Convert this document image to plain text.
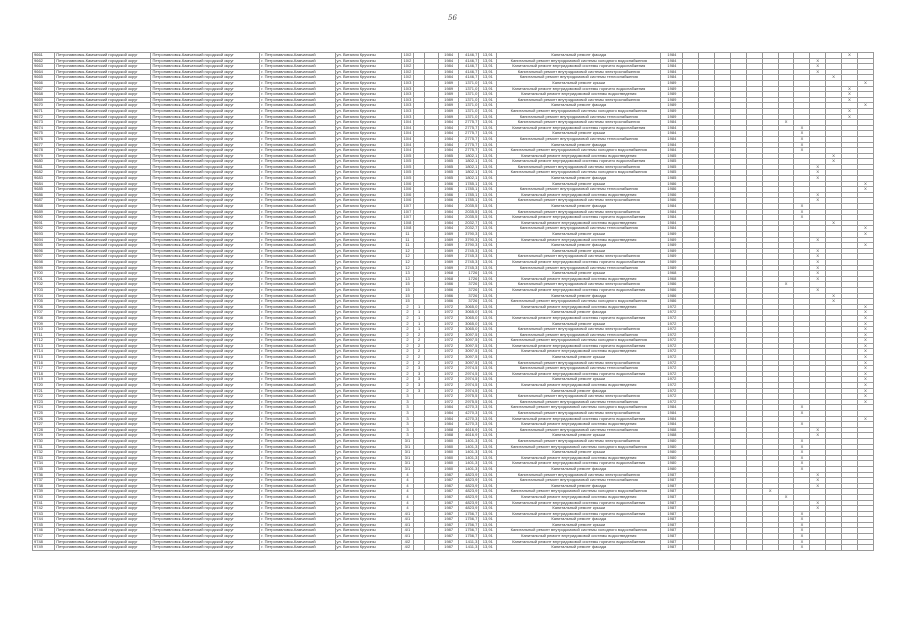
56
9661	Петропавловск-Камчатский городской округ	Петропавловск-Камчатский городской округ	г. Петропавловск-Камчатский	ул. Виталия Кручины	10/2			1984	4146,7	13,91	Капитальный ремонт фасада	1984											X	
9662	Петропавловск-Камчатский городской округ	Петропавловск-Камчатский городской округ	г. Петропавловск-Камчатский	ул. Виталия Кручины	10/2			1984	4146,7	13,91	Капитальный ремонт внутридомовой системы холодного водоснабжения	1984									X			
9663	Петропавловск-Камчатский городской округ	Петропавловск-Камчатский городской округ	г. Петропавловск-Камчатский	ул. Виталия Кручины	10/2			1984	4146,7	13,91	Капитальный ремонт внутридомовой системы горячего водоснабжения	1984									X			
9664	Петропавловск-Камчатский городской округ	Петропавловск-Камчатский городской округ	г. Петропавловск-Камчатский	ул. Виталия Кручины	10/2			1984	4146,7	13,91	Капитальный ремонт внутридомовой системы электроснабжения	1984									X			
9665	Петропавловск-Камчатский городской округ	Петропавловск-Камчатский городской округ	г. Петропавловск-Камчатский	ул. Виталия Кручины	10/2			1984	4146,7	13,91	Капитальный ремонт внутридомовой системы теплоснабжения	1984										X		
9666	Петропавловск-Камчатский городской округ	Петропавловск-Камчатский городской округ	г. Петропавловск-Камчатский	ул. Виталия Кручины	10/3			1989	1371,0	13,91	Капитальный ремонт крыши	1989												X
9667	Петропавловск-Камчатский городской округ	Петропавловск-Камчатский городской округ	г. Петропавловск-Камчатский	ул. Виталия Кручины	10/3			1989	1371,0	13,91	Капитальный ремонт внутридомовой системы горячего водоснабжения	1989											X	
9668	Петропавловск-Камчатский городской округ	Петропавловск-Камчатский городской округ	г. Петропавловск-Камчатский	ул. Виталия Кручины	10/3			1989	1371,0	13,91	Капитальный ремонт внутридомовой системы водоотведения	1989											X	
9669	Петропавловск-Камчатский городской округ	Петропавловск-Камчатский городской округ	г. Петропавловск-Камчатский	ул. Виталия Кручины	10/3			1989	1371,0	13,91	Капитальный ремонт внутридомовой системы электроснабжения	1989											X	
9670	Петропавловск-Камчатский городской округ	Петропавловск-Камчатский городской округ	г. Петропавловск-Камчатский	ул. Виталия Кручины	10/3			1989	1371,0	13,91	Капитальный ремонт фасада	1989												X
9671	Петропавловск-Камчатский городской округ	Петропавловск-Камчатский городской округ	г. Петропавловск-Камчатский	ул. Виталия Кручины	10/3			1989	1371,0	13,91	Капитальный ремонт внутридомовой системы холодного водоснабжения	1989											X	
9672	Петропавловск-Камчатский городской округ	Петропавловск-Камчатский городской округ	г. Петропавловск-Камчатский	ул. Виталия Кручины	10/3			1989	1371,0	13,91	Капитальный ремонт внутридомовой системы теплоснабжения	1989											X	
9673	Петропавловск-Камчатский городской округ	Петропавловск-Камчатский городской округ	г. Петропавловск-Камчатский	ул. Виталия Кручины	10/4			1984	2775,7	13,91	Капитальный ремонт внутридомовой системы электроснабжения	1984							X					
9674	Петропавловск-Камчатский городской округ	Петропавловск-Камчатский городской округ	г. Петропавловск-Камчатский	ул. Виталия Кручины	10/4			1984	2775,7	13,91	Капитальный ремонт внутридомовой системы горячего водоснабжения	1984								X				
9675	Петропавловск-Камчатский городской округ	Петропавловск-Камчатский городской округ	г. Петропавловск-Камчатский	ул. Виталия Кручины	10/4			1984	2775,7	13,91	Капитальный ремонт крыши	1984								X				
9676	Петропавловск-Камчатский городской округ	Петропавловск-Камчатский городской округ	г. Петропавловск-Камчатский	ул. Виталия Кручины	10/4			1984	2775,7	13,91	Капитальный ремонт внутридомовой системы теплоснабжения	1984								X				
9677	Петропавловск-Камчатский городской округ	Петропавловск-Камчатский городской округ	г. Петропавловск-Камчатский	ул. Виталия Кручины	10/4			1984	2775,7	13,91	Капитальный ремонт фасада	1984								X				
9678	Петропавловск-Камчатский городской округ	Петропавловск-Камчатский городской округ	г. Петропавловск-Камчатский	ул. Виталия Кручины	10/4			1984	2775,7	13,91	Капитальный ремонт внутридомовой системы холодного водоснабжения	1984								X				
9679	Петропавловск-Камчатский городской округ	Петропавловск-Камчатский городской округ	г. Петропавловск-Камчатский	ул. Виталия Кручины	10/5			1985	1802,1	13,91	Капитальный ремонт внутридомовой системы водоотведения	1985										X		
9680	Петропавловск-Камчатский городской округ	Петропавловск-Камчатский городской округ	г. Петропавловск-Камчатский	ул. Виталия Кручины	10/5			1985	1802,1	13,91	Капитальный ремонт внутридомовой системы горячего водоснабжения	1985										X		
9681	Петропавловск-Камчатский городской округ	Петропавловск-Камчатский городской округ	г. Петропавловск-Камчатский	ул. Виталия Кручины	10/5			1985	1802,1	13,91	Капитальный ремонт внутридомовой системы электроснабжения	1985									X			
9682	Петропавловск-Камчатский городской округ	Петропавловск-Камчатский городской округ	г. Петропавловск-Камчатский	ул. Виталия Кручины	10/5			1985	1802,1	13,91	Капитальный ремонт внутридомовой системы холодного водоснабжения	1985									X			
9683	Петропавловск-Камчатский городской округ	Петропавловск-Камчатский городской округ	г. Петропавловск-Камчатский	ул. Виталия Кручины	10/5			1985	1802,1	13,91	Капитальный ремонт фасада	1985									X			
9684	Петропавловск-Камчатский городской округ	Петропавловск-Камчатский городской округ	г. Петропавловск-Камчатский	ул. Виталия Кручины	10/6			1986	1785,1	13,91	Капитальный ремонт крыши	1986												X
9685	Петропавловск-Камчатский городской округ	Петропавловск-Камчатский городской округ	г. Петропавловск-Камчатский	ул. Виталия Кручины	10/6			1986	1785,1	13,91	Капитальный ремонт внутридомовой системы теплоснабжения	1986												X
9686	Петропавловск-Камчатский городской округ	Петропавловск-Камчатский городской округ	г. Петропавловск-Камчатский	ул. Виталия Кручины	10/6			1986	1785,1	13,91	Капитальный ремонт внутридомовой системы водоотведения	1986									X			
9687	Петропавловск-Камчатский городской округ	Петропавловск-Камчатский городской округ	г. Петропавловск-Камчатский	ул. Виталия Кручины	10/6			1986	1785,1	13,91	Капитальный ремонт внутридомовой системы электроснабжения	1986									X			
9688	Петропавловск-Камчатский городской округ	Петропавловск-Камчатский городской округ	г. Петропавловск-Камчатский	ул. Виталия Кручины	10/7			1984	2035,5	13,91	Капитальный ремонт фасада	1984								X				
9689	Петропавловск-Камчатский городской округ	Петропавловск-Камчатский городской округ	г. Петропавловск-Камчатский	ул. Виталия Кручины	10/7			1984	2035,5	13,91	Капитальный ремонт внутридомовой системы электроснабжения	1984								X				
9690	Петропавловск-Камчатский городской округ	Петропавловск-Камчатский городской округ	г. Петропавловск-Камчатский	ул. Виталия Кручины	10/7			1984	2035,5	13,91	Капитальный ремонт внутридомовой системы горячего водоснабжения	1984								X				
9691	Петропавловск-Камчатский городской округ	Петропавловск-Камчатский городской округ	г. Петропавловск-Камчатский	ул. Виталия Кручины	10/8			1984	2032,7	13,91	Капитальный ремонт внутридомовой системы водоотведения	1984										X		
9692	Петропавловск-Камчатский городской округ	Петропавловск-Камчатский городской округ	г. Петропавловск-Камчатский	ул. Виталия Кручины	10/8			1984	2032,7	13,91	Капитальный ремонт внутридомовой системы теплоснабжения	1984												X
9693	Петропавловск-Камчатский городской округ	Петропавловск-Камчатский городской округ	г. Петропавловск-Камчатский	ул. Виталия Кручины	11			1989	3790,3	13,91	Капитальный ремонт крыши	1989												X
9694	Петропавловск-Камчатский городской округ	Петропавловск-Камчатский городской округ	г. Петропавловск-Камчатский	ул. Виталия Кручины	11			1989	3790,3	13,91	Капитальный ремонт внутридомовой системы водоотведения	1989									X			
9695	Петропавловск-Камчатский городской округ	Петропавловск-Камчатский городской округ	г. Петропавловск-Камчатский	ул. Виталия Кручины	11			1989	3790,3	13,91	Капитальный ремонт фасада	1989												X
9696	Петропавловск-Камчатский городской округ	Петропавловск-Камчатский городской округ	г. Петропавловск-Камчатский	ул. Виталия Кручины	12			1989	2745,3	13,91	Капитальный ремонт крыши	1989									X			
9697	Петропавловск-Камчатский городской округ	Петропавловск-Камчатский городской округ	г. Петропавловск-Камчатский	ул. Виталия Кручины	12			1989	2745,3	13,91	Капитальный ремонт внутридомовой системы электроснабжения	1989									X			
9698	Петропавловск-Камчатский городской округ	Петропавловск-Камчатский городской округ	г. Петропавловск-Камчатский	ул. Виталия Кручины	12			1989	2745,3	13,91	Капитальный ремонт внутридомовой системы горячего водоснабжения	1989									X			
9699	Петропавловск-Камчатский городской округ	Петропавловск-Камчатский городской округ	г. Петропавловск-Камчатский	ул. Виталия Кручины	12			1989	2745,3	13,91	Капитальный ремонт внутридомовой системы теплоснабжения	1989									X			
9700	Петропавловск-Камчатский городской округ	Петропавловск-Камчатский городской округ	г. Петропавловск-Камчатский	ул. Виталия Кручины	13			1968	1726	13,91	Капитальный ремонт крыши	1968									X			
9701	Петропавловск-Камчатский городской округ	Петропавловск-Камчатский городской округ	г. Петропавловск-Камчатский	ул. Виталия Кручины	13			1968	1726	13,91	Капитальный ремонт внутридомовой системы водоотведения	1968									X			
9702	Петропавловск-Камчатский городской округ	Петропавловск-Камчатский городской округ	г. Петропавловск-Камчатский	ул. Виталия Кручины	15			1986	3726	13,91	Капитальный ремонт внутридомовой системы электроснабжения	1986							X					
9703	Петропавловск-Камчатский городской округ	Петропавловск-Камчатский городской округ	г. Петропавловск-Камчатский	ул. Виталия Кручины	15			1986	3726	13,91	Капитальный ремонт внутридомовой системы горячего водоснабжения	1986									X			
9704	Петропавловск-Камчатский городской округ	Петропавловск-Камчатский городской округ	г. Петропавловск-Камчатский	ул. Виталия Кручины	15			1986	3726	13,91	Капитальный ремонт фасада	1986										X		
9705	Петропавловск-Камчатский городской округ	Петропавловск-Камчатский городской округ	г. Петропавловск-Камчатский	ул. Виталия Кручины	15			1986	3726	13,91	Капитальный ремонт внутридомовой системы холодного водоснабжения	1986										X		
9706	Петропавловск-Камчатский городской округ	Петропавловск-Камчатский городской округ	г. Петропавловск-Камчатский	ул. Виталия Кручины	2	1		1972	3065,0	13,91	Капитальный ремонт внутридомовой системы водоотведения	1972												X
9707	Петропавловск-Камчатский городской округ	Петропавловск-Камчатский городской округ	г. Петропавловск-Камчатский	ул. Виталия Кручины	2	1		1972	3065,0	13,91	Капитальный ремонт фасада	1972												X
9708	Петропавловск-Камчатский городской округ	Петропавловск-Камчатский городской округ	г. Петропавловск-Камчатский	ул. Виталия Кручины	2	1		1972	3065,0	13,91	Капитальный ремонт внутридомовой системы горячего водоснабжения	1972												X
9709	Петропавловск-Камчатский городской округ	Петропавловск-Камчатский городской округ	г. Петропавловск-Камчатский	ул. Виталия Кручины	2	1		1972	3065,0	13,91	Капитальный ремонт крыши	1972												X
9710	Петропавловск-Камчатский городской округ	Петропавловск-Камчатский городской округ	г. Петропавловск-Камчатский	ул. Виталия Кручины	2	1		1972	3065,0	13,91	Капитальный ремонт внутридомовой системы электроснабжения	1972												X
9711	Петропавловск-Камчатский городской округ	Петропавловск-Камчатский городской округ	г. Петропавловск-Камчатский	ул. Виталия Кручины	2	2		1972	3097,5	13,91	Капитальный ремонт внутридомовой системы теплоснабжения	1972												X
9712	Петропавловск-Камчатский городской округ	Петропавловск-Камчатский городской округ	г. Петропавловск-Камчатский	ул. Виталия Кручины	2	2		1972	3097,5	13,91	Капитальный ремонт внутридомовой системы холодного водоснабжения	1972												X
9713	Петропавловск-Камчатский городской округ	Петропавловск-Камчатский городской округ	г. Петропавловск-Камчатский	ул. Виталия Кручины	2	2		1972	3097,5	13,91	Капитальный ремонт внутридомовой системы горячего водоснабжения	1972												X
9714	Петропавловск-Камчатский городской округ	Петропавловск-Камчатский городской округ	г. Петропавловск-Камчатский	ул. Виталия Кручины	2	2		1972	3097,5	13,91	Капитальный ремонт внутридомовой системы водоотведения	1972												X
9715	Петропавловск-Камчатский городской округ	Петропавловск-Камчатский городской округ	г. Петропавловск-Камчатский	ул. Виталия Кручины	2	2		1972	3097,5	13,91	Капитальный ремонт крыши	1972												X
9716	Петропавловск-Камчатский городской округ	Петропавловск-Камчатский городской округ	г. Петропавловск-Камчатский	ул. Виталия Кручины	2	2		1972	3097,5	13,91	Капитальный ремонт внутридомовой системы электроснабжения	1972												X
9717	Петропавловск-Камчатский городской округ	Петропавловск-Камчатский городской округ	г. Петропавловск-Камчатский	ул. Виталия Кручины	2	3		1972	2974,5	13,91	Капитальный ремонт внутридомовой системы теплоснабжения	1972												X
9718	Петропавловск-Камчатский городской округ	Петропавловск-Камчатский городской округ	г. Петропавловск-Камчатский	ул. Виталия Кручины	2	3		1972	2974,5	13,91	Капитальный ремонт внутридомовой системы горячего водоснабжения	1972												X
9719	Петропавловск-Камчатский городской округ	Петропавловск-Камчатский городской округ	г. Петропавловск-Камчатский	ул. Виталия Кручины	2	3		1972	2974,5	13,91	Капитальный ремонт крыши	1972												X
9720	Петропавловск-Камчатский городской округ	Петропавловск-Камчатский городской округ	г. Петропавловск-Камчатский	ул. Виталия Кручины	2	3		1972	2974,5	13,91	Капитальный ремонт внутридомовой системы водоотведения	1972												X
9721	Петропавловск-Камчатский городской округ	Петропавловск-Камчатский городской округ	г. Петропавловск-Камчатский	ул. Виталия Кручины	2	3		1972	2974,5	13,91	Капитальный ремонт фасада	1972												X
9722	Петропавловск-Камчатский городской округ	Петропавловск-Камчатский городской округ	г. Петропавловск-Камчатский	ул. Виталия Кручины	3			1972	2975,5	13,91	Капитальный ремонт внутридомовой системы электроснабжения	1972												X
9723	Петропавловск-Камчатский городской округ	Петропавловск-Камчатский городской округ	г. Петропавловск-Камчатский	ул. Виталия Кручины	3			1972	2975,5	13,91	Капитальный ремонт внутридомовой системы теплоснабжения	1972												X
9724	Петропавловск-Камчатский городской округ	Петропавловск-Камчатский городской округ	г. Петропавловск-Камчатский	ул. Виталия Кручины	3			1984	4270,3	13,91	Капитальный ремонт внутридомовой системы холодного водоснабжения	1984								X				
9725	Петропавловск-Камчатский городской округ	Петропавловск-Камчатский городской округ	г. Петропавловск-Камчатский	ул. Виталия Кручины	3			1984	4270,3	13,91	Капитальный ремонт внутридомовой системы электроснабжения	1984								X				
9726	Петропавловск-Камчатский городской округ	Петропавловск-Камчатский городской округ	г. Петропавловск-Камчатский	ул. Виталия Кручины	3			1984	4270,3	13,91	Капитальный ремонт внутридомовой системы горячего водоснабжения	1984												X
9727	Петропавловск-Камчатский городской округ	Петропавловск-Камчатский городской округ	г. Петропавловск-Камчатский	ул. Виталия Кручины	3			1984	4270,3	13,91	Капитальный ремонт внутридомовой системы водоотведения	1984								X				
9728	Петропавловск-Камчатский городской округ	Петропавловск-Камчатский городской округ	г. Петропавловск-Камчатский	ул. Виталия Кручины	3			1988	4616,9	13,91	Капитальный ремонт внутридомовой системы теплоснабжения	1988									X			
9729	Петропавловск-Камчатский городской округ	Петропавловск-Камчатский городской округ	г. Петропавловск-Камчатский	ул. Виталия Кручины	3			1988	4616,9	13,91	Капитальный ремонт крыши	1988									X			
9730	Петропавловск-Камчатский городской округ	Петропавловск-Камчатский городской округ	г. Петропавловск-Камчатский	ул. Виталия Кручины	3/1			1980	1401,3	13,91	Капитальный ремонт внутридомовой системы электроснабжения	1980								X				
9731	Петропавловск-Камчатский городской округ	Петропавловск-Камчатский городской округ	г. Петропавловск-Камчатский	ул. Виталия Кручины	3/1			1980	1401,3	13,91	Капитальный ремонт внутридомовой системы холодного водоснабжения	1980								X				
9732	Петропавловск-Камчатский городской округ	Петропавловск-Камчатский городской округ	г. Петропавловск-Камчатский	ул. Виталия Кручины	3/1			1980	1401,3	13,91	Капитальный ремонт крыши	1980								X				
9733	Петропавловск-Камчатский городской округ	Петропавловск-Камчатский городской округ	г. Петропавловск-Камчатский	ул. Виталия Кручины	3/1			1980	1401,3	13,91	Капитальный ремонт внутридомовой системы водоотведения	1980								X				
9734	Петропавловск-Камчатский городской округ	Петропавловск-Камчатский городской округ	г. Петропавловск-Камчатский	ул. Виталия Кручины	3/1			1980	1401,3	13,91	Капитальный ремонт внутридомовой системы горячего водоснабжения	1980								X				
9735	Петропавловск-Камчатский городской округ	Петропавловск-Камчатский городской округ	г. Петропавловск-Камчатский	ул. Виталия Кручины	3/1			1980	1401,3	13,91	Капитальный ремонт фасада	1980								X				
9736	Петропавловск-Камчатский городской округ	Петропавловск-Камчатский городской округ	г. Петропавловск-Камчатский	ул. Виталия Кручины	4			1987	4823,9	13,91	Капитальный ремонт внутридомовой системы электроснабжения	1987									X			
9737	Петропавловск-Камчатский городской округ	Петропавловск-Камчатский городской округ	г. Петропавловск-Камчатский	ул. Виталия Кручины	4			1987	4823,9	13,91	Капитальный ремонт внутридомовой системы теплоснабжения	1987									X			
9738	Петропавловск-Камчатский городской округ	Петропавловск-Камчатский городской округ	г. Петропавловск-Камчатский	ул. Виталия Кручины	4			1987	4823,9	13,91	Капитальный ремонт фасада	1987									X			
9739	Петропавловск-Камчатский городской округ	Петропавловск-Камчатский городской округ	г. Петропавловск-Камчатский	ул. Виталия Кручины	4			1987	4823,9	13,91	Капитальный ремонт внутридомовой системы холодного водоснабжения	1987						X						
9740	Петропавловск-Камчатский городской округ	Петропавловск-Камчатский городской округ	г. Петропавловск-Камчатский	ул. Виталия Кручины	4			1987	4823,9	13,91	Капитальный ремонт внутридомовой системы водоотведения	1987							X					
9741	Петропавловск-Камчатский городской округ	Петропавловск-Камчатский городской округ	г. Петропавловск-Камчатский	ул. Виталия Кручины	4			1987	4823,9	13,91	Капитальный ремонт внутридомовой системы горячего водоснабжения	1987									X			
9742	Петропавловск-Камчатский городской округ	Петропавловск-Камчатский городской округ	г. Петропавловск-Камчатский	ул. Виталия Кручины	4			1987	4823,9	13,91	Капитальный ремонт крыши	1987									X			
9743	Петропавловск-Камчатский городской округ	Петропавловск-Камчатский городской округ	г. Петропавловск-Камчатский	ул. Виталия Кручины	4/1			1987	1756,7	13,91	Капитальный ремонт внутридомовой системы горячего водоснабжения	1987								X				
9744	Петропавловск-Камчатский городской округ	Петропавловск-Камчатский городской округ	г. Петропавловск-Камчатский	ул. Виталия Кручины	4/1			1987	1756,7	13,91	Капитальный ремонт фасада	1987								X				
9745	Петропавловск-Камчатский городской округ	Петропавловск-Камчатский городской округ	г. Петропавловск-Камчатский	ул. Виталия Кручины	4/1			1987	1756,7	13,91	Капитальный ремонт крыши	1987								X				
9746	Петропавловск-Камчатский городской округ	Петропавловск-Камчатский городской округ	г. Петропавловск-Камчатский	ул. Виталия Кручины	4/1			1987	1756,7	13,91	Капитальный ремонт внутридомовой системы холодного водоснабжения	1987								X				
9747	Петропавловск-Камчатский городской округ	Петропавловск-Камчатский городской округ	г. Петропавловск-Камчатский	ул. Виталия Кручины	4/1			1987	1756,7	13,91	Капитальный ремонт внутридомовой системы водоотведения	1987								X				
9748	Петропавловск-Камчатский городской округ	Петропавловск-Камчатский городской округ	г. Петропавловск-Камчатский	ул. Виталия Кручины	4/2			1987	1411,3	13,91	Капитальный ремонт внутридомовой системы горячего водоснабжения	1987								X				
9749	Петропавловск-Камчатский городской округ	Петропавловск-Камчатский городской округ	г. Петропавловск-Камчатский	ул. Виталия Кручины	4/2			1987	1411,3	13,91	Капитальный ремонт фасада	1987								X				
